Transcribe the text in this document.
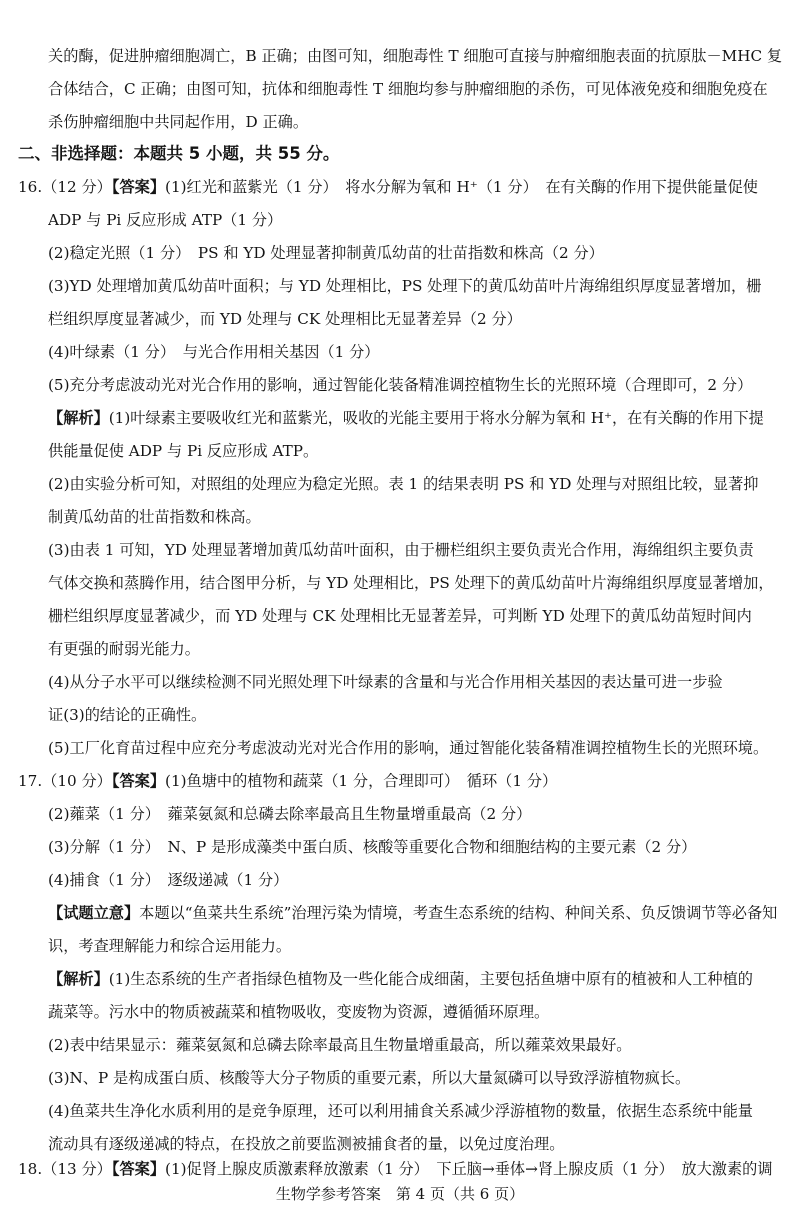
关的酶，促进肿瘤细胞凋亡，B 正确；由图可知，细胞毒性 T 细胞可直接与肿瘤细胞表面的抗原肽－MHC 复
合体结合，C 正确；由图可知，抗体和细胞毒性 T 细胞均参与肿瘤细胞的杀伤，可见体液免疫和细胞免疫在
杀伤肿瘤细胞中共同起作用，D 正确。
二、非选择题：本题共 5 小题，共 55 分。
16.（12 分）【答案】(1)红光和蓝紫光（1 分）　将水分解为氧和 H⁺（1 分）　在有关酶的作用下提供能量促使
ADP 与 Pi 反应形成 ATP（1 分）
(2)稳定光照（1 分）　PS 和 YD 处理显著抑制黄瓜幼苗的壮苗指数和株高（2 分）
(3)YD 处理增加黄瓜幼苗叶面积；与 YD 处理相比，PS 处理下的黄瓜幼苗叶片海绵组织厚度显著增加，栅
栏组织厚度显著减少，而 YD 处理与 CK 处理相比无显著差异（2 分）
(4)叶绿素（1 分）　与光合作用相关基因（1 分）
(5)充分考虑波动光对光合作用的影响，通过智能化装备精准调控植物生长的光照环境（合理即可，2 分）
【解析】(1)叶绿素主要吸收红光和蓝紫光，吸收的光能主要用于将水分解为氧和 H⁺，在有关酶的作用下提
供能量促使 ADP 与 Pi 反应形成 ATP。
(2)由实验分析可知，对照组的处理应为稳定光照。表 1 的结果表明 PS 和 YD 处理与对照组比较，显著抑
制黄瓜幼苗的壮苗指数和株高。
(3)由表 1 可知，YD 处理显著增加黄瓜幼苗叶面积，由于栅栏组织主要负责光合作用，海绵组织主要负责
气体交换和蒸腾作用，结合图甲分析，与 YD 处理相比，PS 处理下的黄瓜幼苗叶片海绵组织厚度显著增加，
栅栏组织厚度显著减少，而 YD 处理与 CK 处理相比无显著差异，可判断 YD 处理下的黄瓜幼苗短时间内
有更强的耐弱光能力。
(4)从分子水平可以继续检测不同光照处理下叶绿素的含量和与光合作用相关基因的表达量可进一步验
证(3)的结论的正确性。
(5)工厂化育苗过程中应充分考虑波动光对光合作用的影响，通过智能化装备精准调控植物生长的光照环境。
17.（10 分）【答案】(1)鱼塘中的植物和蔬菜（1 分，合理即可）　循环（1 分）
(2)蕹菜（1 分）　蕹菜氨氮和总磷去除率最高且生物量增重最高（2 分）
(3)分解（1 分）　N、P 是形成藻类中蛋白质、核酸等重要化合物和细胞结构的主要元素（2 分）
(4)捕食（1 分）　逐级递减（1 分）
【试题立意】本题以“鱼菜共生系统”治理污染为情境，考查生态系统的结构、种间关系、负反馈调节等必备知
识，考查理解能力和综合运用能力。
【解析】(1)生态系统的生产者指绿色植物及一些化能合成细菌，主要包括鱼塘中原有的植被和人工种植的
蔬菜等。污水中的物质被蔬菜和植物吸收，变废物为资源，遵循循环原理。
(2)表中结果显示：蕹菜氨氮和总磷去除率最高且生物量增重最高，所以蕹菜效果最好。
(3)N、P 是构成蛋白质、核酸等大分子物质的重要元素，所以大量氮磷可以导致浮游植物疯长。
(4)鱼菜共生净化水质利用的是竞争原理，还可以利用捕食关系减少浮游植物的数量，依据生态系统中能量
流动具有逐级递减的特点，在投放之前要监测被捕食者的量，以免过度治理。
18.（13 分）【答案】(1)促肾上腺皮质激素释放激素（1 分）　下丘脑→垂体→肾上腺皮质（1 分）　放大激素的调
生物学参考答案　第 4 页（共 6 页）
